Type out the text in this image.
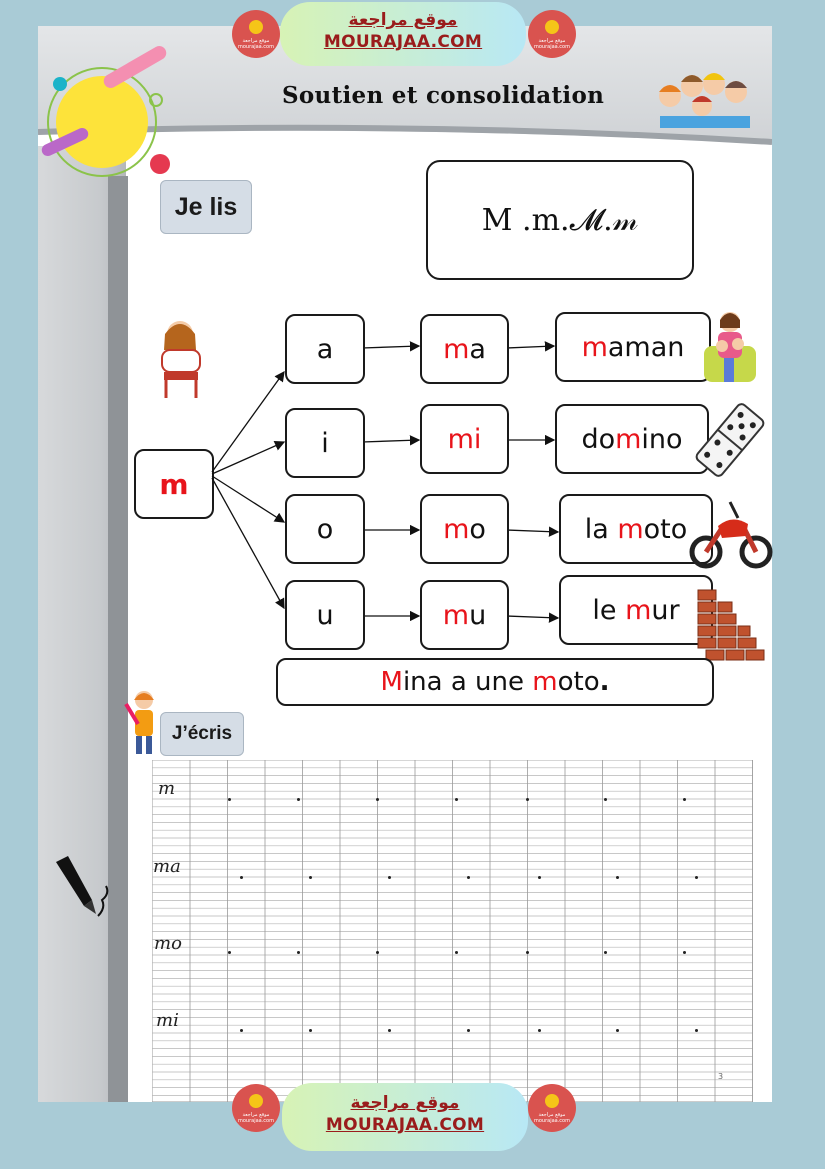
Soutien et consolidation
موقع مراجعة mourajaa.com
موقع مراجعة
MOURAJAA.COM	موقع مراجعة mourajaa.com
Je lis	M .m.𝓜.𝓂
m
a	m a	m aman
i	m i	do m ino
o	m o	la m oto
u	m u	le m ur
M ina a une m oto .
J’écris
m
ma
mo
mi
3
موقع مراجعة mourajaa.com
موقع مراجعة
MOURAJAA.COM	موقع مراجعة mourajaa.com
